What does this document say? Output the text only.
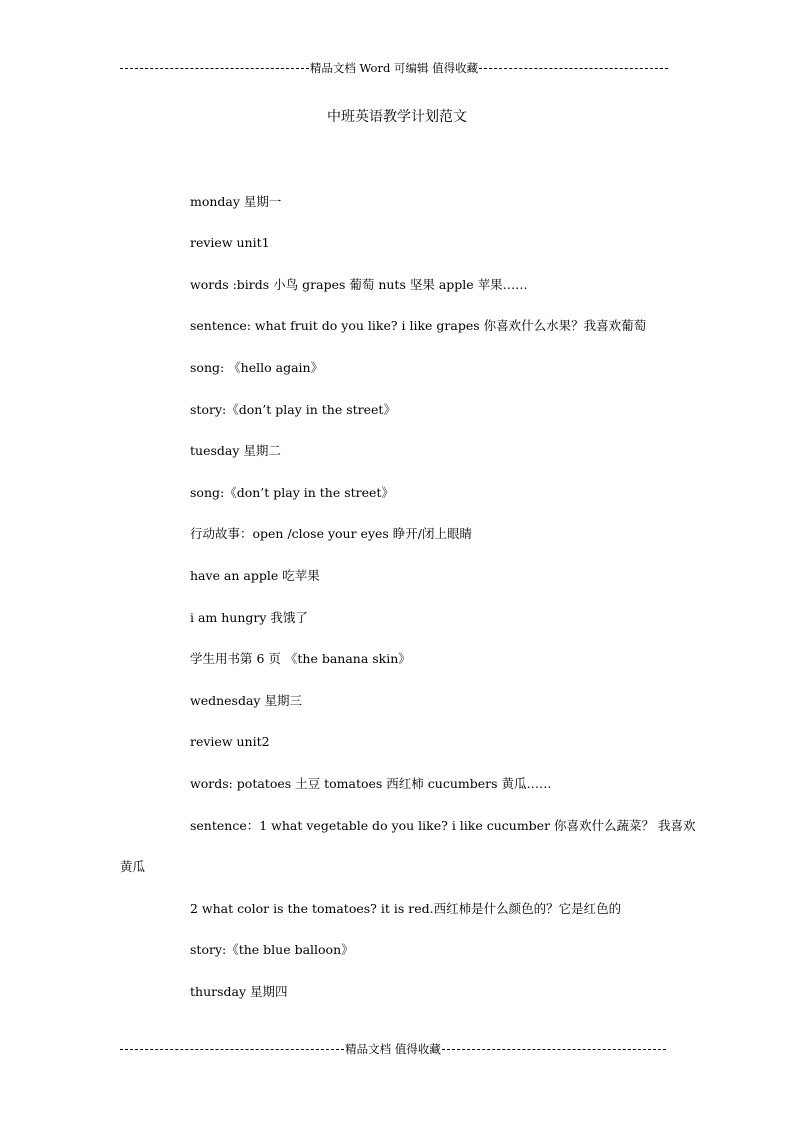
精品文档 Word 可编辑 值得收藏
中班英语教学计划范文
monday 星期一
review unit1
words :birds 小鸟 grapes 葡萄 nuts 坚果 apple 苹果……
sentence: what fruit do you like? i like grapes 你喜欢什么水果？我喜欢葡萄
song: 《hello again》
story:《don’t play in the street》
tuesday 星期二
song:《don’t play in the street》
行动故事：open /close your eyes 睁开/闭上眼睛
have an apple 吃苹果
i am hungry 我饿了
学生用书第 6 页 《the banana skin》
wednesday 星期三
review unit2
words: potatoes 土豆 tomatoes 西红柿 cucumbers 黄瓜……
sentence：1 what vegetable do you like? i like cucumber 你喜欢什么蔬菜？ 我喜欢
黄瓜
2 what color is the tomatoes? it is red.西红柿是什么颜色的？它是红色的
story:《the blue balloon》
thursday 星期四
精品文档 值得收藏
